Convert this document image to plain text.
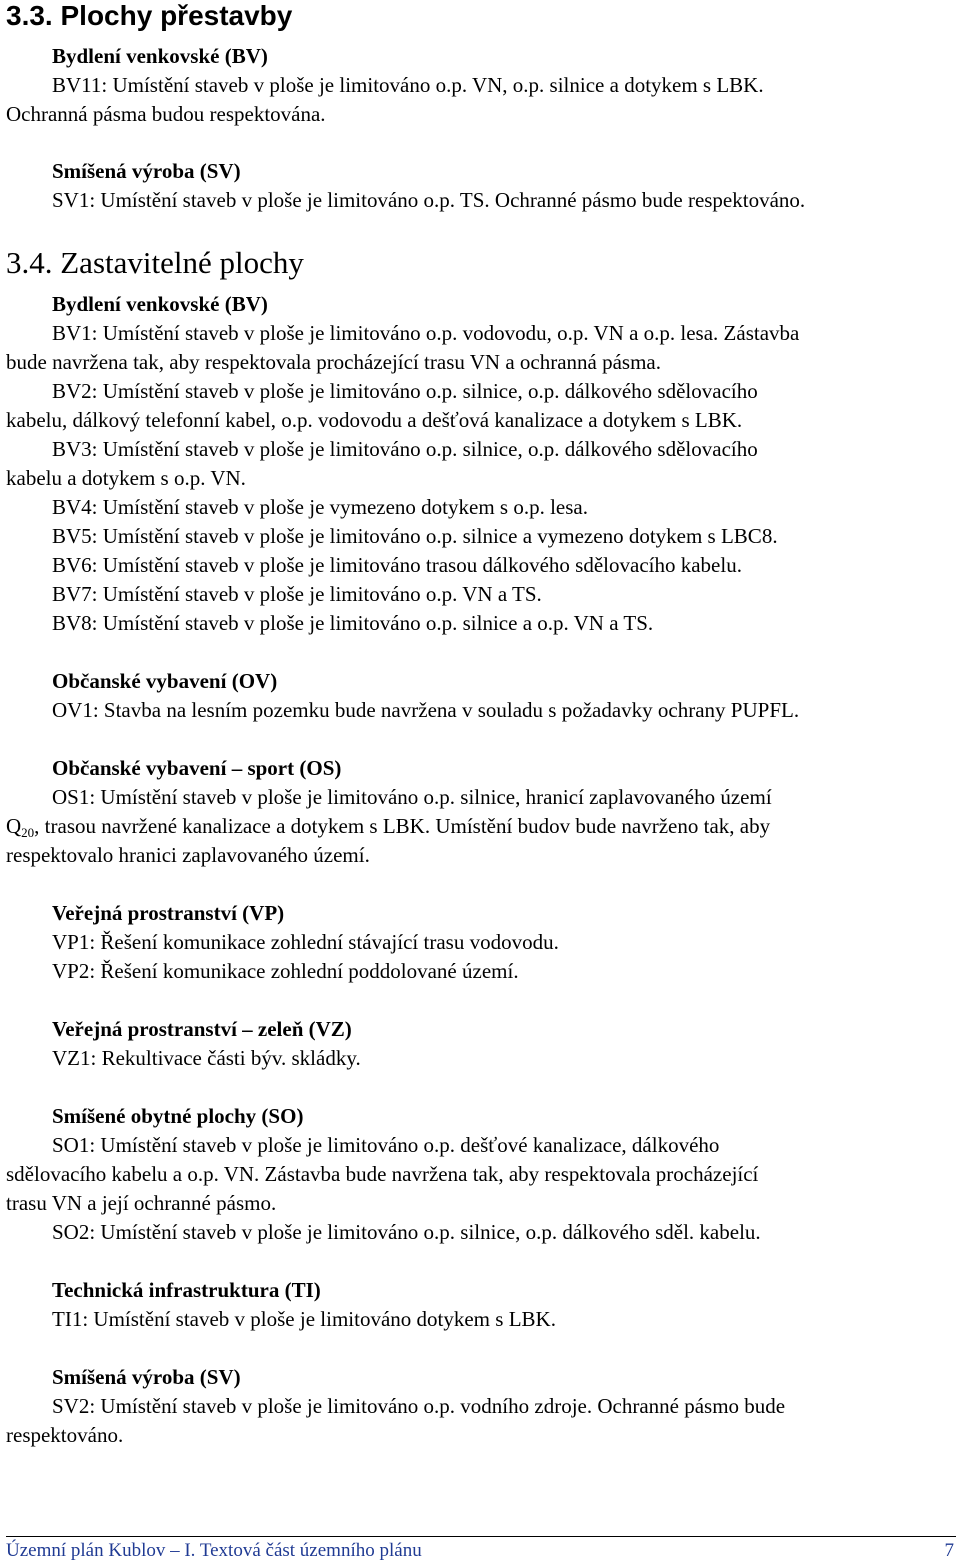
3.3. Plochy přestavby
Bydlení venkovské (BV)
BV11: Umístění staveb v ploše je limitováno o.p. VN, o.p. silnice a dotykem s LBK.
Ochranná pásma budou respektována.
Smíšená výroba (SV)
SV1: Umístění staveb v ploše je limitováno o.p. TS. Ochranné pásmo bude respektováno.
3.4. Zastavitelné plochy
Bydlení venkovské (BV)
BV1: Umístění staveb v ploše je limitováno o.p. vodovodu, o.p. VN a o.p. lesa. Zástavba
bude navržena tak, aby respektovala procházející trasu VN a ochranná pásma.
BV2: Umístění staveb v ploše je limitováno o.p. silnice, o.p. dálkového sdělovacího
kabelu, dálkový telefonní kabel, o.p. vodovodu a dešťová kanalizace a dotykem s LBK.
BV3: Umístění staveb v ploše je limitováno o.p. silnice, o.p. dálkového sdělovacího
kabelu a dotykem s o.p. VN.
BV4: Umístění staveb v ploše je vymezeno dotykem s o.p. lesa.
BV5: Umístění staveb v ploše je limitováno o.p. silnice a vymezeno dotykem s LBC8.
BV6: Umístění staveb v ploše je limitováno trasou dálkového sdělovacího kabelu.
BV7: Umístění staveb v ploše je limitováno o.p. VN a TS.
BV8: Umístění staveb v ploše je limitováno o.p. silnice a o.p. VN a TS.
Občanské vybavení (OV)
OV1: Stavba na lesním pozemku bude navržena v souladu s požadavky ochrany PUPFL.
Občanské vybavení – sport (OS)
OS1: Umístění staveb v ploše je limitováno o.p. silnice, hranicí zaplavovaného území
Q20, trasou navržené kanalizace a dotykem s LBK. Umístění budov bude navrženo tak, aby
respektovalo hranici zaplavovaného území.
Veřejná prostranství (VP)
VP1: Řešení komunikace zohlední stávající trasu vodovodu.
VP2: Řešení komunikace zohlední poddolované území.
Veřejná prostranství – zeleň (VZ)
VZ1: Rekultivace části býv. skládky.
Smíšené obytné plochy (SO)
SO1: Umístění staveb v ploše je limitováno o.p. dešťové kanalizace, dálkového
sdělovacího kabelu a o.p. VN. Zástavba bude navržena tak, aby respektovala procházející
trasu VN a její ochranné pásmo.
SO2: Umístění staveb v ploše je limitováno o.p. silnice, o.p. dálkového sděl. kabelu.
Technická infrastruktura (TI)
TI1: Umístění staveb v ploše je limitováno dotykem s LBK.
Smíšená výroba (SV)
SV2: Umístění staveb v ploše je limitováno o.p. vodního zdroje. Ochranné pásmo bude
respektováno.
Územní plán Kublov – I. Textová část územního plánu	7
